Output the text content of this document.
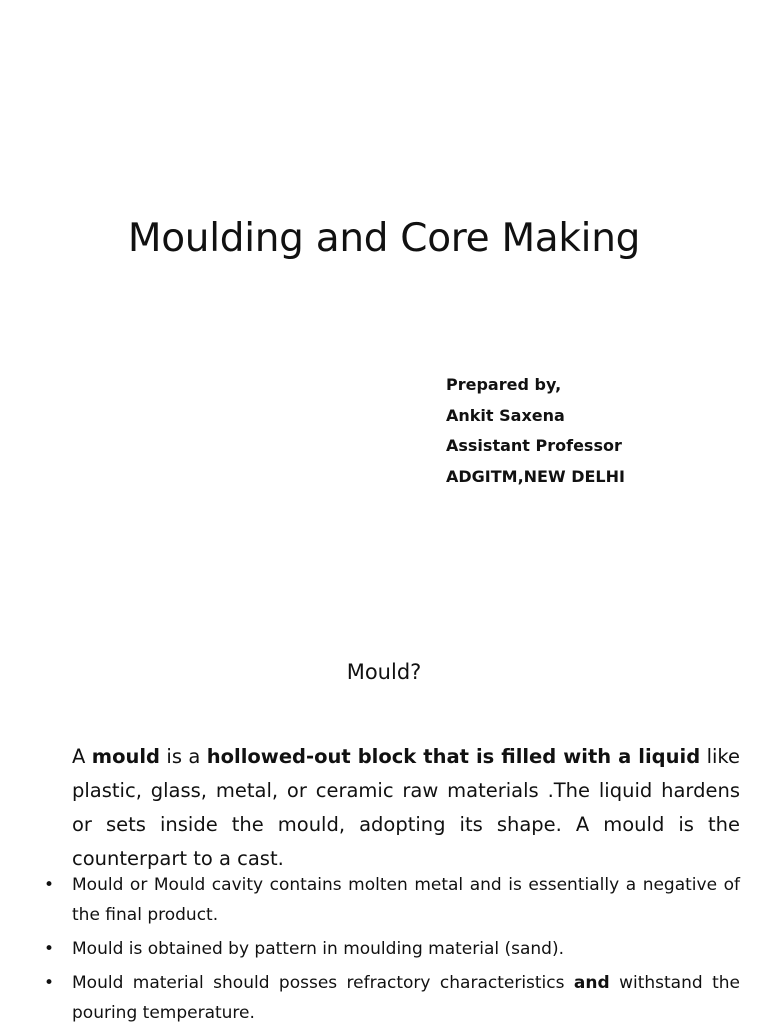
Moulding and Core Making
Prepared by,
Ankit Saxena
Assistant Professor
ADGITM,NEW DELHI
Mould?

A mould is a hollowed-out block that is filled with a liquid like plastic, glass, metal, or ceramic raw materials .The liquid hardens or sets inside the mould, adopting its shape. A mould is the counterpart to a cast.

• Mould or Mould cavity contains molten metal and is essentially a negative of the final product.
• Mould is obtained by pattern in moulding material (sand).
• Mould material should posses refractory characteristics and withstand the pouring temperature.
